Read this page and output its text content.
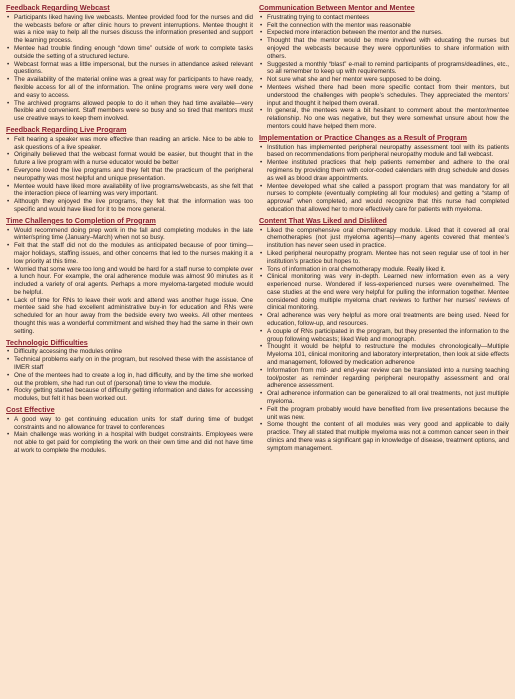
Feedback Regarding Webcast
• Participants liked having live webcasts. Mentee provided food for the nurses and did the webcasts before or after clinic hours to prevent interruptions. Mentee thought it was a nice way to help all the nurses discuss the information presented and support the learning process.
• Mentee had trouble finding enough “down time” outside of work to complete tasks outside the setting of a structured lecture.
• Webcast format was a little impersonal, but the nurses in attendance asked relevant questions.
• The availability of the material online was a great way for participants to have ready, flexible access for all of the information. The online programs were very well done and easy to access.
• The archived programs allowed people to do it when they had time available—very flexible and convenient. Staff members were so busy and so tired that mentors must use creative ways to keep them involved.
Feedback Regarding Live Program
• Felt hearing a speaker was more effective than reading an article. Nice to be able to ask questions of a live speaker.
• Originally believed that the webcast format would be easier, but thought that in the future a live program with a nurse educator would be better
• Everyone loved the live programs and they felt that the practicum of the peripheral neuropathy was most helpful and unique presentation.
• Mentee would have liked more availability of live programs/webcasts, as she felt that the interaction piece of learning was very important.
• Although they enjoyed the live programs, they felt that the information was too specific and would have liked for it to be more general.
Time Challenges to Completion of Program
• Would recommend doing prep work in the fall and completing modules in the late winter/spring time (January–March) when not so busy.
• Felt that the staff did not do the modules as anticipated because of poor timing—major holidays, staffing issues, and other concerns that led to the nurses making it a low priority at this time.
• Worried that some were too long and would be hard for a staff nurse to complete over a lunch hour. For example, the oral adherence module was almost 90 minutes as it included a variety of oral agents. Perhaps a more myeloma-targeted module would be helpful.
• Lack of time for RNs to leave their work and attend was another huge issue. One mentee said she had excellent administrative buy-in for education and RNs were scheduled for an hour away from the bedside every two weeks. All other mentees thought this was a wonderful commitment and wished they had the same in their own setting.
Technologic Difficulties
• Difficulty accessing the modules online
• Technical problems early on in the program, but resolved these with the assistance of IMER staff
• One of the mentees had to create a log in, had difficulty, and by the time she worked out the problem, she had run out of (personal) time to view the module.
• Rocky getting started because of difficulty getting information and dates for accessing modules, but felt it has been worked out.
Cost Effective
• A good way to get continuing education units for staff during time of budget constraints and no allowance for travel to conferences
• Main challenge was working in a hospital with budget constraints. Employees were not able to get paid for completing the work on their own time and did not have time at work to complete the modules.
Communication Between Mentor and Mentee
• Frustrating trying to contact mentees
• Felt the connection with the mentor was reasonable
• Expected more interaction between the mentor and the nurses.
• Thought that the mentor would be more involved with educating the nurses but enjoyed the webcasts because they were opportunities to share information with others.
• Suggested a monthly “blast” e-mail to remind participants of programs/deadlines, etc., so all remember to keep up with requirements.
• Not sure what she and her mentor were supposed to be doing.
• Mentees wished there had been more specific contact from their mentors, but understood the challenges with people’s schedules. They appreciated the mentors’ input and thought it helped them overall.
• In general, the mentees were a bit hesitant to comment about the mentor/mentee relationship. No one was negative, but they were somewhat unsure about how the mentors could have helped them more.
Implementation or Practice Changes as a Result of Program
• Institution has implemented peripheral neuropathy assessment tool with its patients based on recommendations from peripheral neuropathy module and fall webcast.
• Mentee instituted practices that help patients remember and adhere to the oral regimens by providing them with color-coded calendars with drug schedule and doses as well as blood draw appointments.
• Mentee developed what she called a passport program that was mandatory for all nurses to complete (eventually completing all four modules) and getting a “stamp of approval” when completed, and would recognize that this nurse had completed education that allowed her to more effectively care for patients with myeloma.
Content That Was Liked and Disliked
• Liked the comprehensive oral chemotherapy module. Liked that it covered all oral chemotherapies (not just myeloma agents)—many agents covered that mentee’s institution has never seen used in practice.
• Liked peripheral neuropathy program. Mentee has not seen regular use of tool in her institution’s practice but hopes to.
• Tons of information in oral chemotherapy module. Really liked it.
• Clinical monitoring was very in-depth. Learned new information even as a very experienced nurse. Wondered if less-experienced nurses were overwhelmed. The case studies at the end were very helpful for pulling the information together. Mentee considered doing multiple myeloma chart reviews to further her nurses’ reviews of clinical monitoring.
• Oral adherence was very helpful as more oral treatments are being used. Need for education, follow-up, and resources.
• A couple of RNs participated in the program, but they presented the information to the group following webcasts; liked Web and monograph.
• Thought it would be helpful to restructure the modules chronologically—Multiple Myeloma 101, clinical monitoring and laboratory interpretation, then look at side effects and management, followed by medication adherence
• Information from mid- and end-year review can be translated into a nursing teaching tool/poster as reminder regarding peripheral neuropathy assessment and oral adherence assessment.
• Oral adherence information can be generalized to all oral treatments, not just multiple myeloma.
• Felt the program probably would have benefited from live presentations because the unit was new.
• Some thought the content of all modules was very good and applicable to daily practice. They all stated that multiple myeloma was not a common cancer seen in their clinics and there was a significant gap in knowledge of disease, treatment options, and symptom management.
